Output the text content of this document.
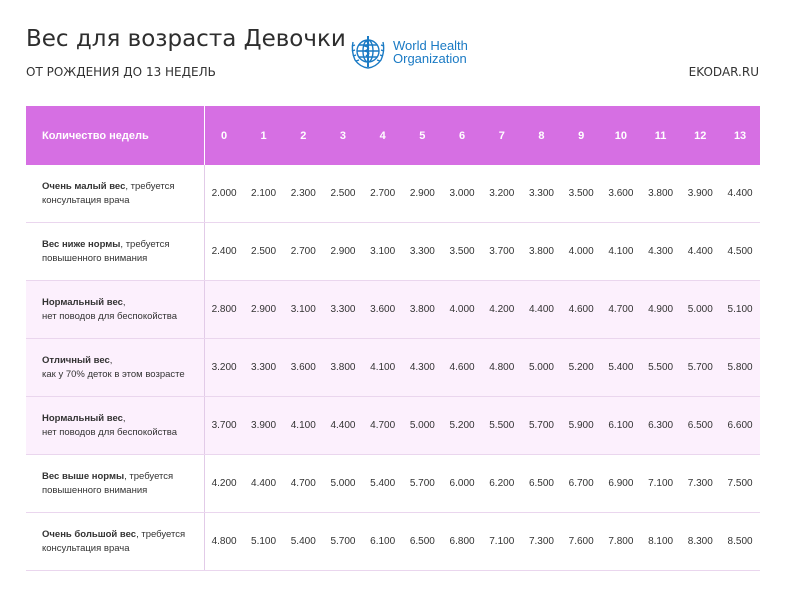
Вес для возраста Девочки	World Health
Organization
ОТ РОЖДЕНИЯ ДО 13 НЕДЕЛЬ	EKODAR.RU
Количество недель	0	1	2	3	4	5	6	7	8	9	10	11	12	13
Очень малый вес, требуется
консультация врача	2.000	2.100	2.300	2.500	2.700	2.900	3.000	3.200	3.300	3.500	3.600	3.800	3.900	4.400
Вес ниже нормы, требуется
повышенного внимания	2.400	2.500	2.700	2.900	3.100	3.300	3.500	3.700	3.800	4.000	4.100	4.300	4.400	4.500
Нормальный вес,
нет поводов для беспокойства	2.800	2.900	3.100	3.300	3.600	3.800	4.000	4.200	4.400	4.600	4.700	4.900	5.000	5.100
Отличный вес,
как у 70% деток в этом возрасте	3.200	3.300	3.600	3.800	4.100	4.300	4.600	4.800	5.000	5.200	5.400	5.500	5.700	5.800
Нормальный вес,
нет поводов для беспокойства	3.700	3.900	4.100	4.400	4.700	5.000	5.200	5.500	5.700	5.900	6.100	6.300	6.500	6.600
Вес выше нормы, требуется
повышенного внимания	4.200	4.400	4.700	5.000	5.400	5.700	6.000	6.200	6.500	6.700	6.900	7.100	7.300	7.500
Очень большой вес, требуется
консультация врача	4.800	5.100	5.400	5.700	6.100	6.500	6.800	7.100	7.300	7.600	7.800	8.100	8.300	8.500
